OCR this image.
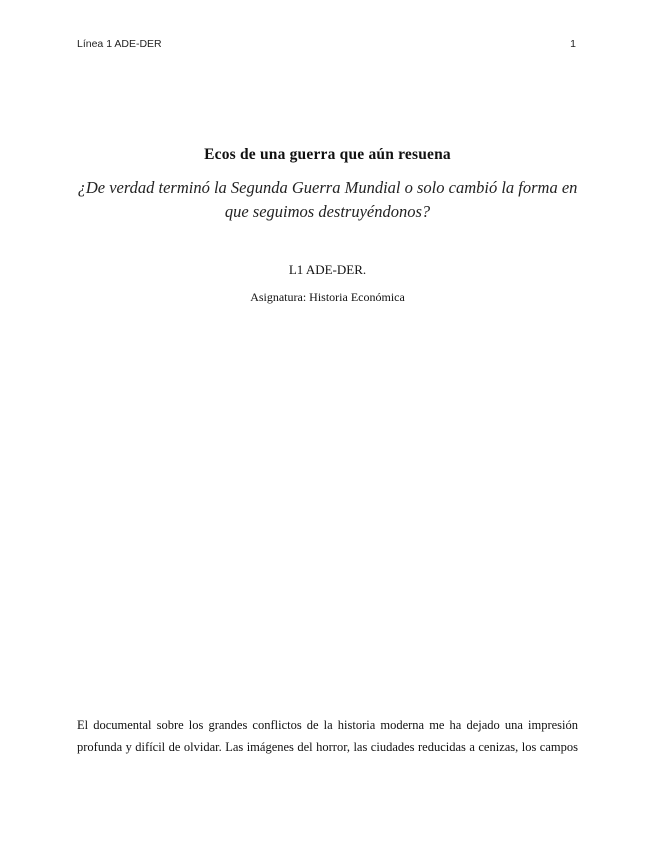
Línea 1 ADE-DER	1
Ecos de una guerra que aún resuena
¿De verdad terminó la Segunda Guerra Mundial o solo cambió la forma en que seguimos destruyéndonos?
L1 ADE-DER.
Asignatura: Historia Económica
El documental sobre los grandes conflictos de la historia moderna me ha dejado una impresión
profunda y difícil de olvidar. Las imágenes del horror, las ciudades reducidas a cenizas, los campos
